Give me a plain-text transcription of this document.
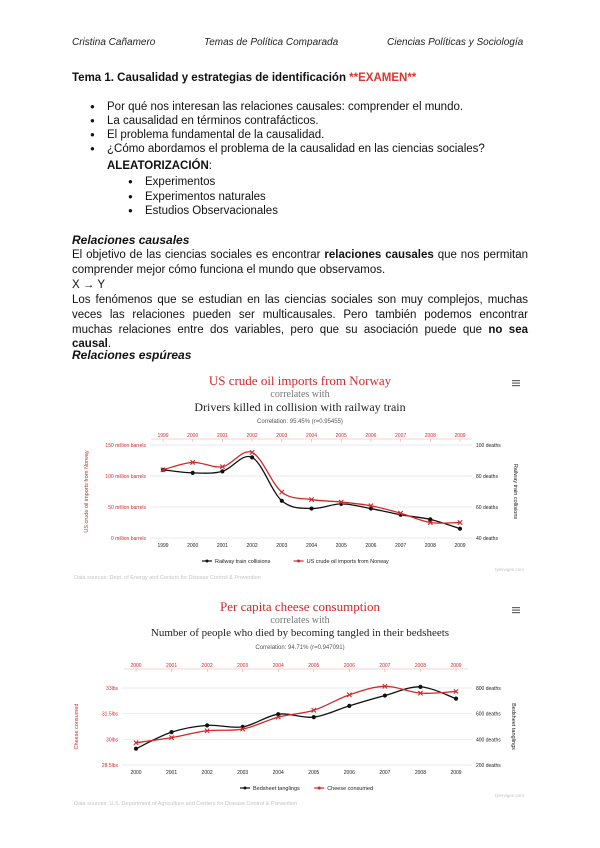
Cristina Cañamero	Temas de Política Comparada	Ciencias Políticas y Sociología
Tema 1. Causalidad y estrategias de identificación **EXAMEN**
● Por qué nos interesan las relaciones causales: comprender el mundo.
● La causalidad en términos contrafácticos.
● El problema fundamental de la causalidad.
● ¿Cómo abordamos el problema de la causalidad en las ciencias sociales?
ALEATORIZACIÓN:
● Experimentos
● Experimentos naturales
● Estudios Observacionales
Relaciones causales
El objetivo de las ciencias sociales es encontrar relaciones causales que nos permitan comprender mejor cómo funciona el mundo que observamos.
X → Y
Los fenómenos que se estudian en las ciencias sociales son muy complejos, muchas veces las relaciones pueden ser multicausales. Pero también podemos encontrar muchas relaciones entre dos variables, pero que su asociación puede que no sea causal.
Relaciones espúreas
US crude oil imports from Norway
correlates with
Drivers killed in collision with railway train
Correlation: 95.45% (r=0.95455)
1999	2000	2001	2002	2003	2004	2005	2006	2007	2008	2009
150 million barrels	100 deaths
100 million barrels	80 deaths
50 million barrels	60 deaths
0 million barrels	40 deaths
US crude oil imports from Norway	Railway train collisions
1999	2000	2001	2002	2003	2004	2005	2006	2007	2008	2009
Railway train collisions	US crude oil imports from Norway
Data sources: Dept. of Energy and Centers for Disease Control & Prevention
tylervigen.com
Per capita cheese consumption
correlates with
Number of people who died by becoming tangled in their bedsheets
Correlation: 94.71% (r=0.947091)
2000	2001	2002	2003	2004	2005	2006	2007	2008	2009
33lbs	800 deaths
31.5lbs	600 deaths
30lbs	400 deaths
28.5lbs	200 deaths
Cheese consumed	Bedsheet tanglings
2000	2001	2002	2003	2004	2005	2006	2007	2008	2009
Bedsheet tanglings	Cheese consumed
Data sources: U.S. Department of Agriculture and Centers for Disease Control & Prevention
tylervigen.com
